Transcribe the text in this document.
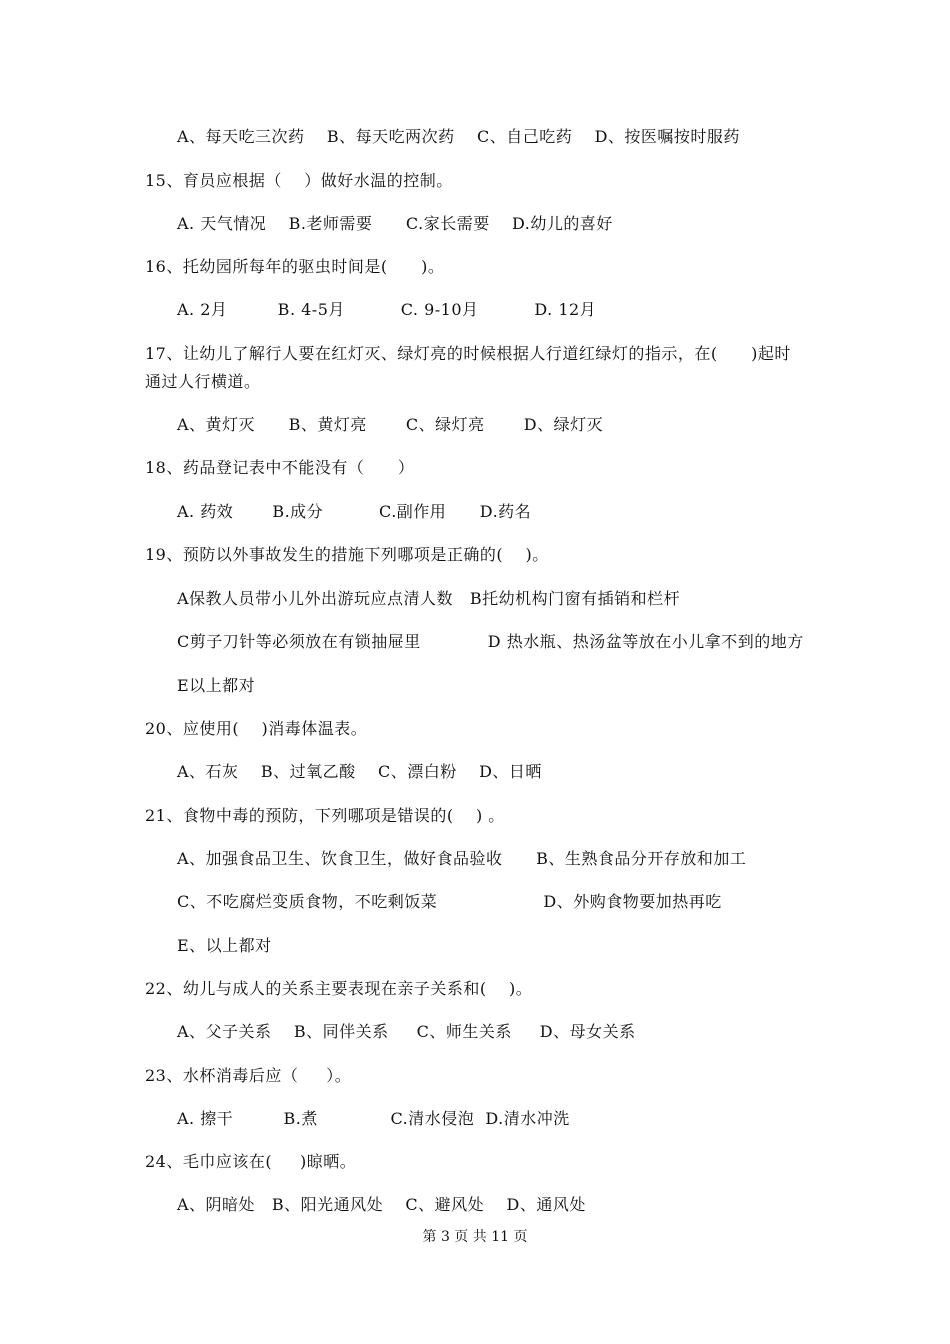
A、每天吃三次药    B、每天吃两次药    C、自己吃药    D、按医嘱按时服药
15、育员应根据（    ）做好水温的控制。
A. 天气情况    B.老师需要      C.家长需要    D.幼儿的喜好
16、托幼园所每年的驱虫时间是(      )。
A. 2月         B. 4-5月          C. 9-10月          D. 12月
17、让幼儿了解行人要在红灯灭、绿灯亮的时候根据人行道红绿灯的指示，在(      )起时
通过人行横道。
A、黄灯灭      B、黄灯亮       C、绿灯亮       D、绿灯灭
18、药品登记表中不能没有（      ）
A. 药效       B.成分          C.副作用      D.药名
19、预防以外事故发生的措施下列哪项是正确的(    )。
A保教人员带小儿外出游玩应点清人数   B托幼机构门窗有插销和栏杆
C剪子刀针等必须放在有锁抽屉里            D 热水瓶、热汤盆等放在小儿拿不到的地方
E以上都对
20、应使用(    )消毒体温表。
A、石灰    B、过氧乙酸    C、漂白粉    D、日晒
21、食物中毒的预防，下列哪项是错误的(    ) 。
A、加强食品卫生、饮食卫生，做好食品验收      B、生熟食品分开存放和加工
C、不吃腐烂变质食物，不吃剩饭菜                   D、外购食物要加热再吃
E、以上都对
22、幼儿与成人的关系主要表现在亲子关系和(    )。
A、父子关系    B、同伴关系     C、师生关系     D、母女关系
23、水杯消毒后应（     ）。
A. 擦干         B.煮             C.清水侵泡  D.清水冲洗
24、毛巾应该在(     )晾晒。
A、阴暗处   B、阳光通风处    C、避风处    D、通风处
第 3 页 共 11 页
